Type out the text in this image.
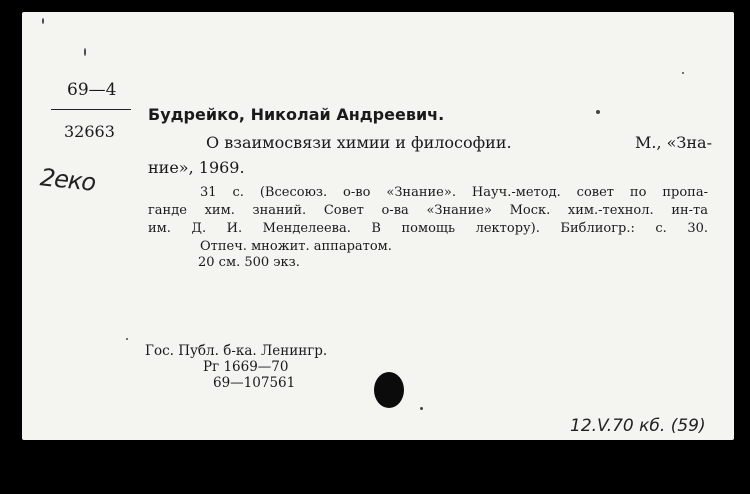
69—4
32663
2еко
Будрейко, Николай Андреевич.
О взаимосвязи химии и философии.	М., «Зна-
ние», 1969.

31 с. (Всесоюз. о-во «Знание». Науч.-метод. совет по пропа-

ганде хим. знаний. Совет о-ва «Знание» Моск. хим.-технол. ин-та

им. Д. И. Менделеева. В помощь лектору). Библиогр.: с. 30.

Отпеч. множит. аппаратом.

20 см. 500 экз.
Гос. Публ. б-ка. Ленингр.
Рг 1669—70
69—107561
12.V.70 кб. (59)
